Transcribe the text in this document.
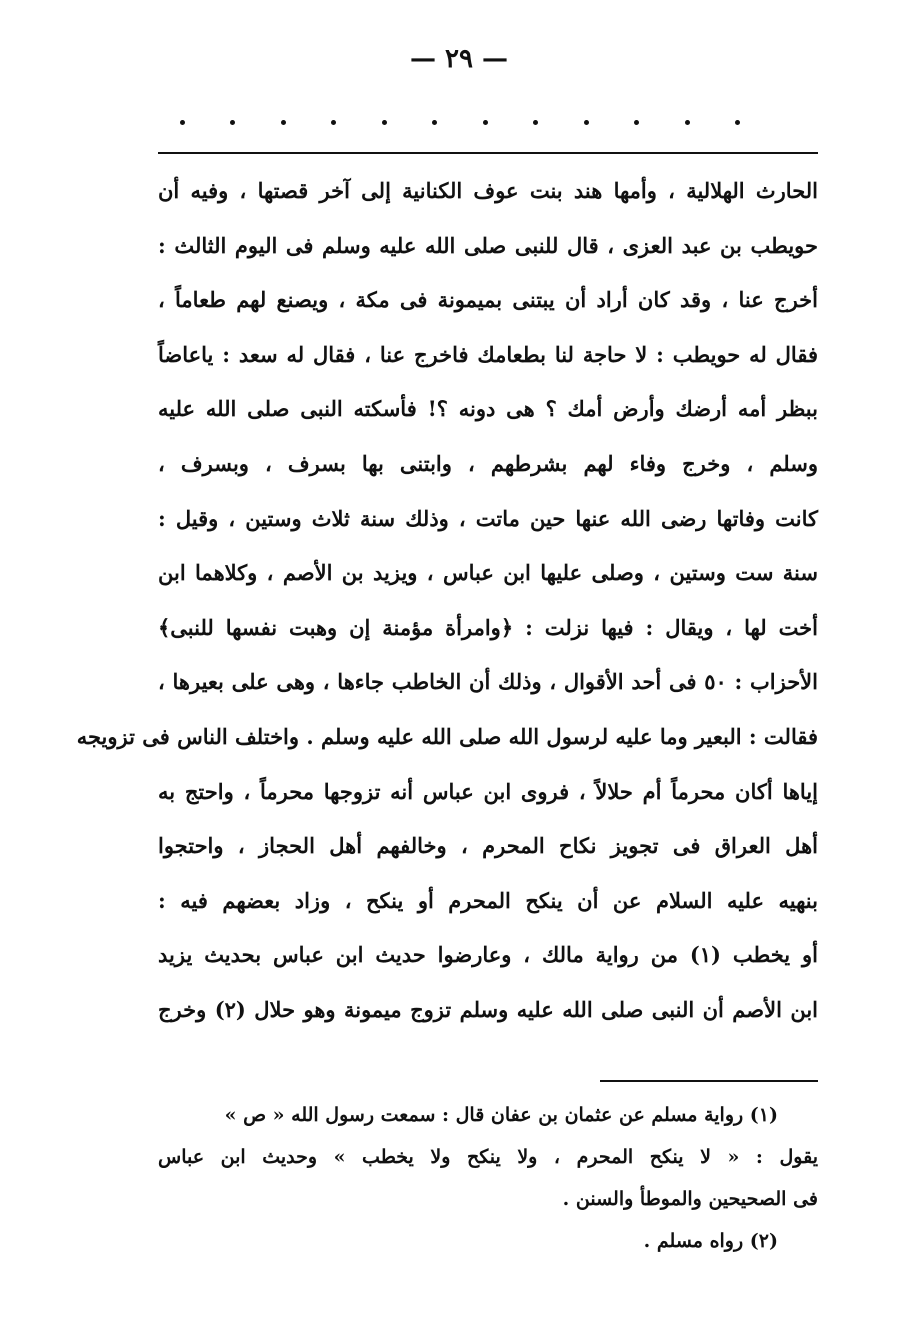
— ٢٩ —
الحارث الهلالية ، وأمها هند بنت عوف الكنانية إلى آخر قصتها ، وفيه أن
حويطب بن عبد العزى ، قال للنبى صلى الله عليه وسلم فى اليوم الثالث :
أخرج عنا ، وقد كان أراد أن يبتنى بميمونة فى مكة ، ويصنع لهم طعاماً ،
فقال له حويطب : لا حاجة لنا بطعامك فاخرج عنا ، فقال له سعد : ياعاضاً
ببظر أمه أرضك وأرض أمك ؟ هى دونه ؟! فأسكته النبى صلى الله عليه
وسلم ، وخرج وفاء لهم بشرطهم ، وابتنى بها بسرف ، وبسرف ،
كانت وفاتها رضى الله عنها حين ماتت ، وذلك سنة ثلاث وستين ، وقيل :
سنة ست وستين ، وصلى عليها ابن عباس ، ويزيد بن الأصم ، وكلاهما ابن
أخت لها ، ويقال : فيها نزلت : ﴿وامرأة مؤمنة إن وهبت نفسها للنبى﴾
الأحزاب : ٥٠ فى أحد الأقوال ، وذلك أن الخاطب جاءها ، وهى على بعيرها ،
فقالت : البعير وما عليه لرسول الله صلى الله عليه وسلم . واختلف الناس فى تزويجه
إياها أكان محرماً أم حلالاً ، فروى ابن عباس أنه تزوجها محرماً ، واحتج به
أهل العراق فى تجويز نكاح المحرم ، وخالفهم أهل الحجاز ، واحتجوا
بنهيه عليه السلام عن أن ينكح المحرم أو ينكح ، وزاد بعضهم فيه :
أو يخطب (١) من رواية مالك ، وعارضوا حديث ابن عباس بحديث يزيد
ابن الأصم أن النبى صلى الله عليه وسلم تزوج ميمونة وهو حلال (٢) وخرج
(١) رواية مسلم عن عثمان بن عفان قال : سمعت رسول الله « ص »
يقول : « لا ينكح المحرم ، ولا ينكح ولا يخطب » وحديث ابن عباس
فى الصحيحين والموطأ والسنن .
(٢) رواه مسلم .
